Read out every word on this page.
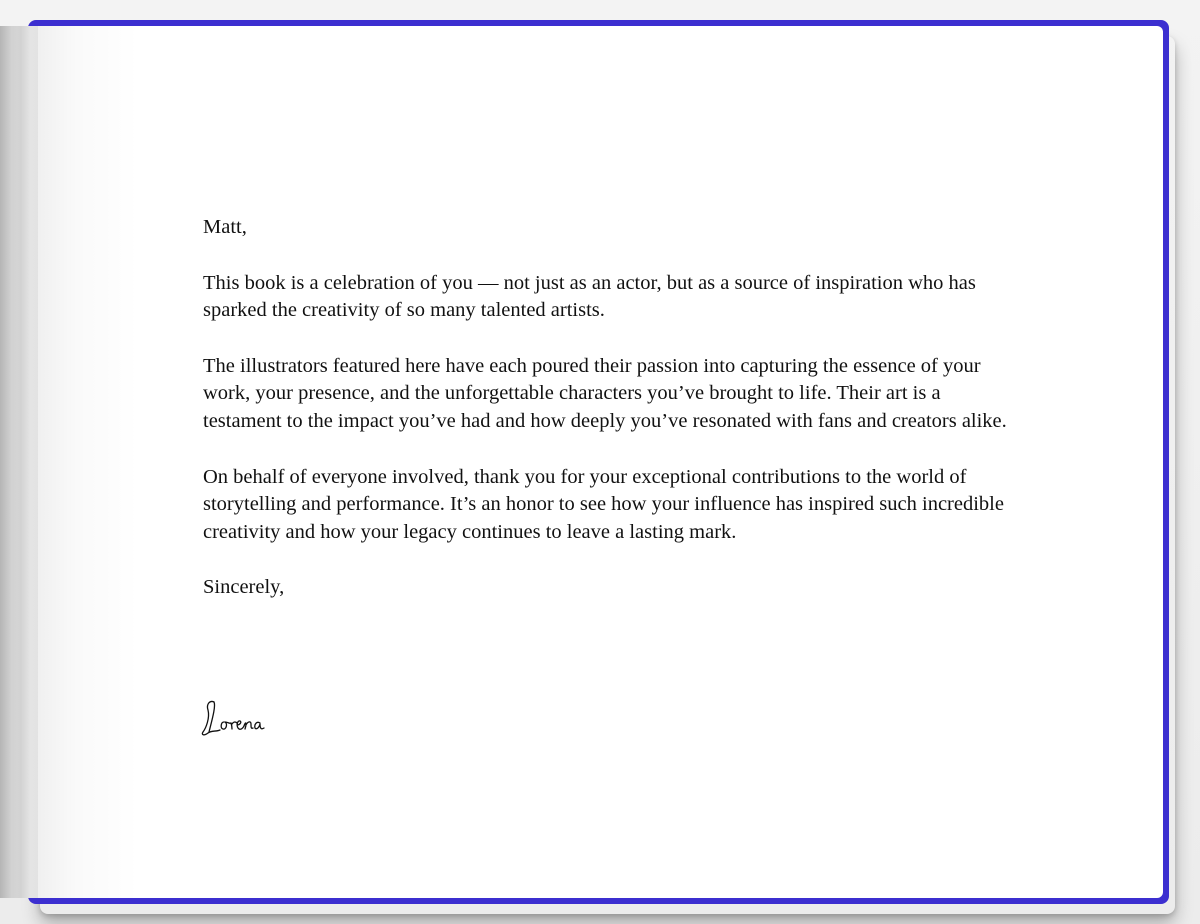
Matt,

This book is a celebration of you — not just as an actor, but as a source of inspiration who has sparked the creativity of so many talented artists.

The illustrators featured here have each poured their passion into capturing the essence of your work, your presence, and the unforgettable characters you’ve brought to life. Their art is a testament to the impact you’ve had and how deeply you’ve resonated with fans and creators alike.

On behalf of everyone involved, thank you for your exceptional contributions to the world of storytelling and performance. It’s an honor to see how your influence has inspired such incredible creativity and how your legacy continues to leave a lasting mark.

Sincerely,
